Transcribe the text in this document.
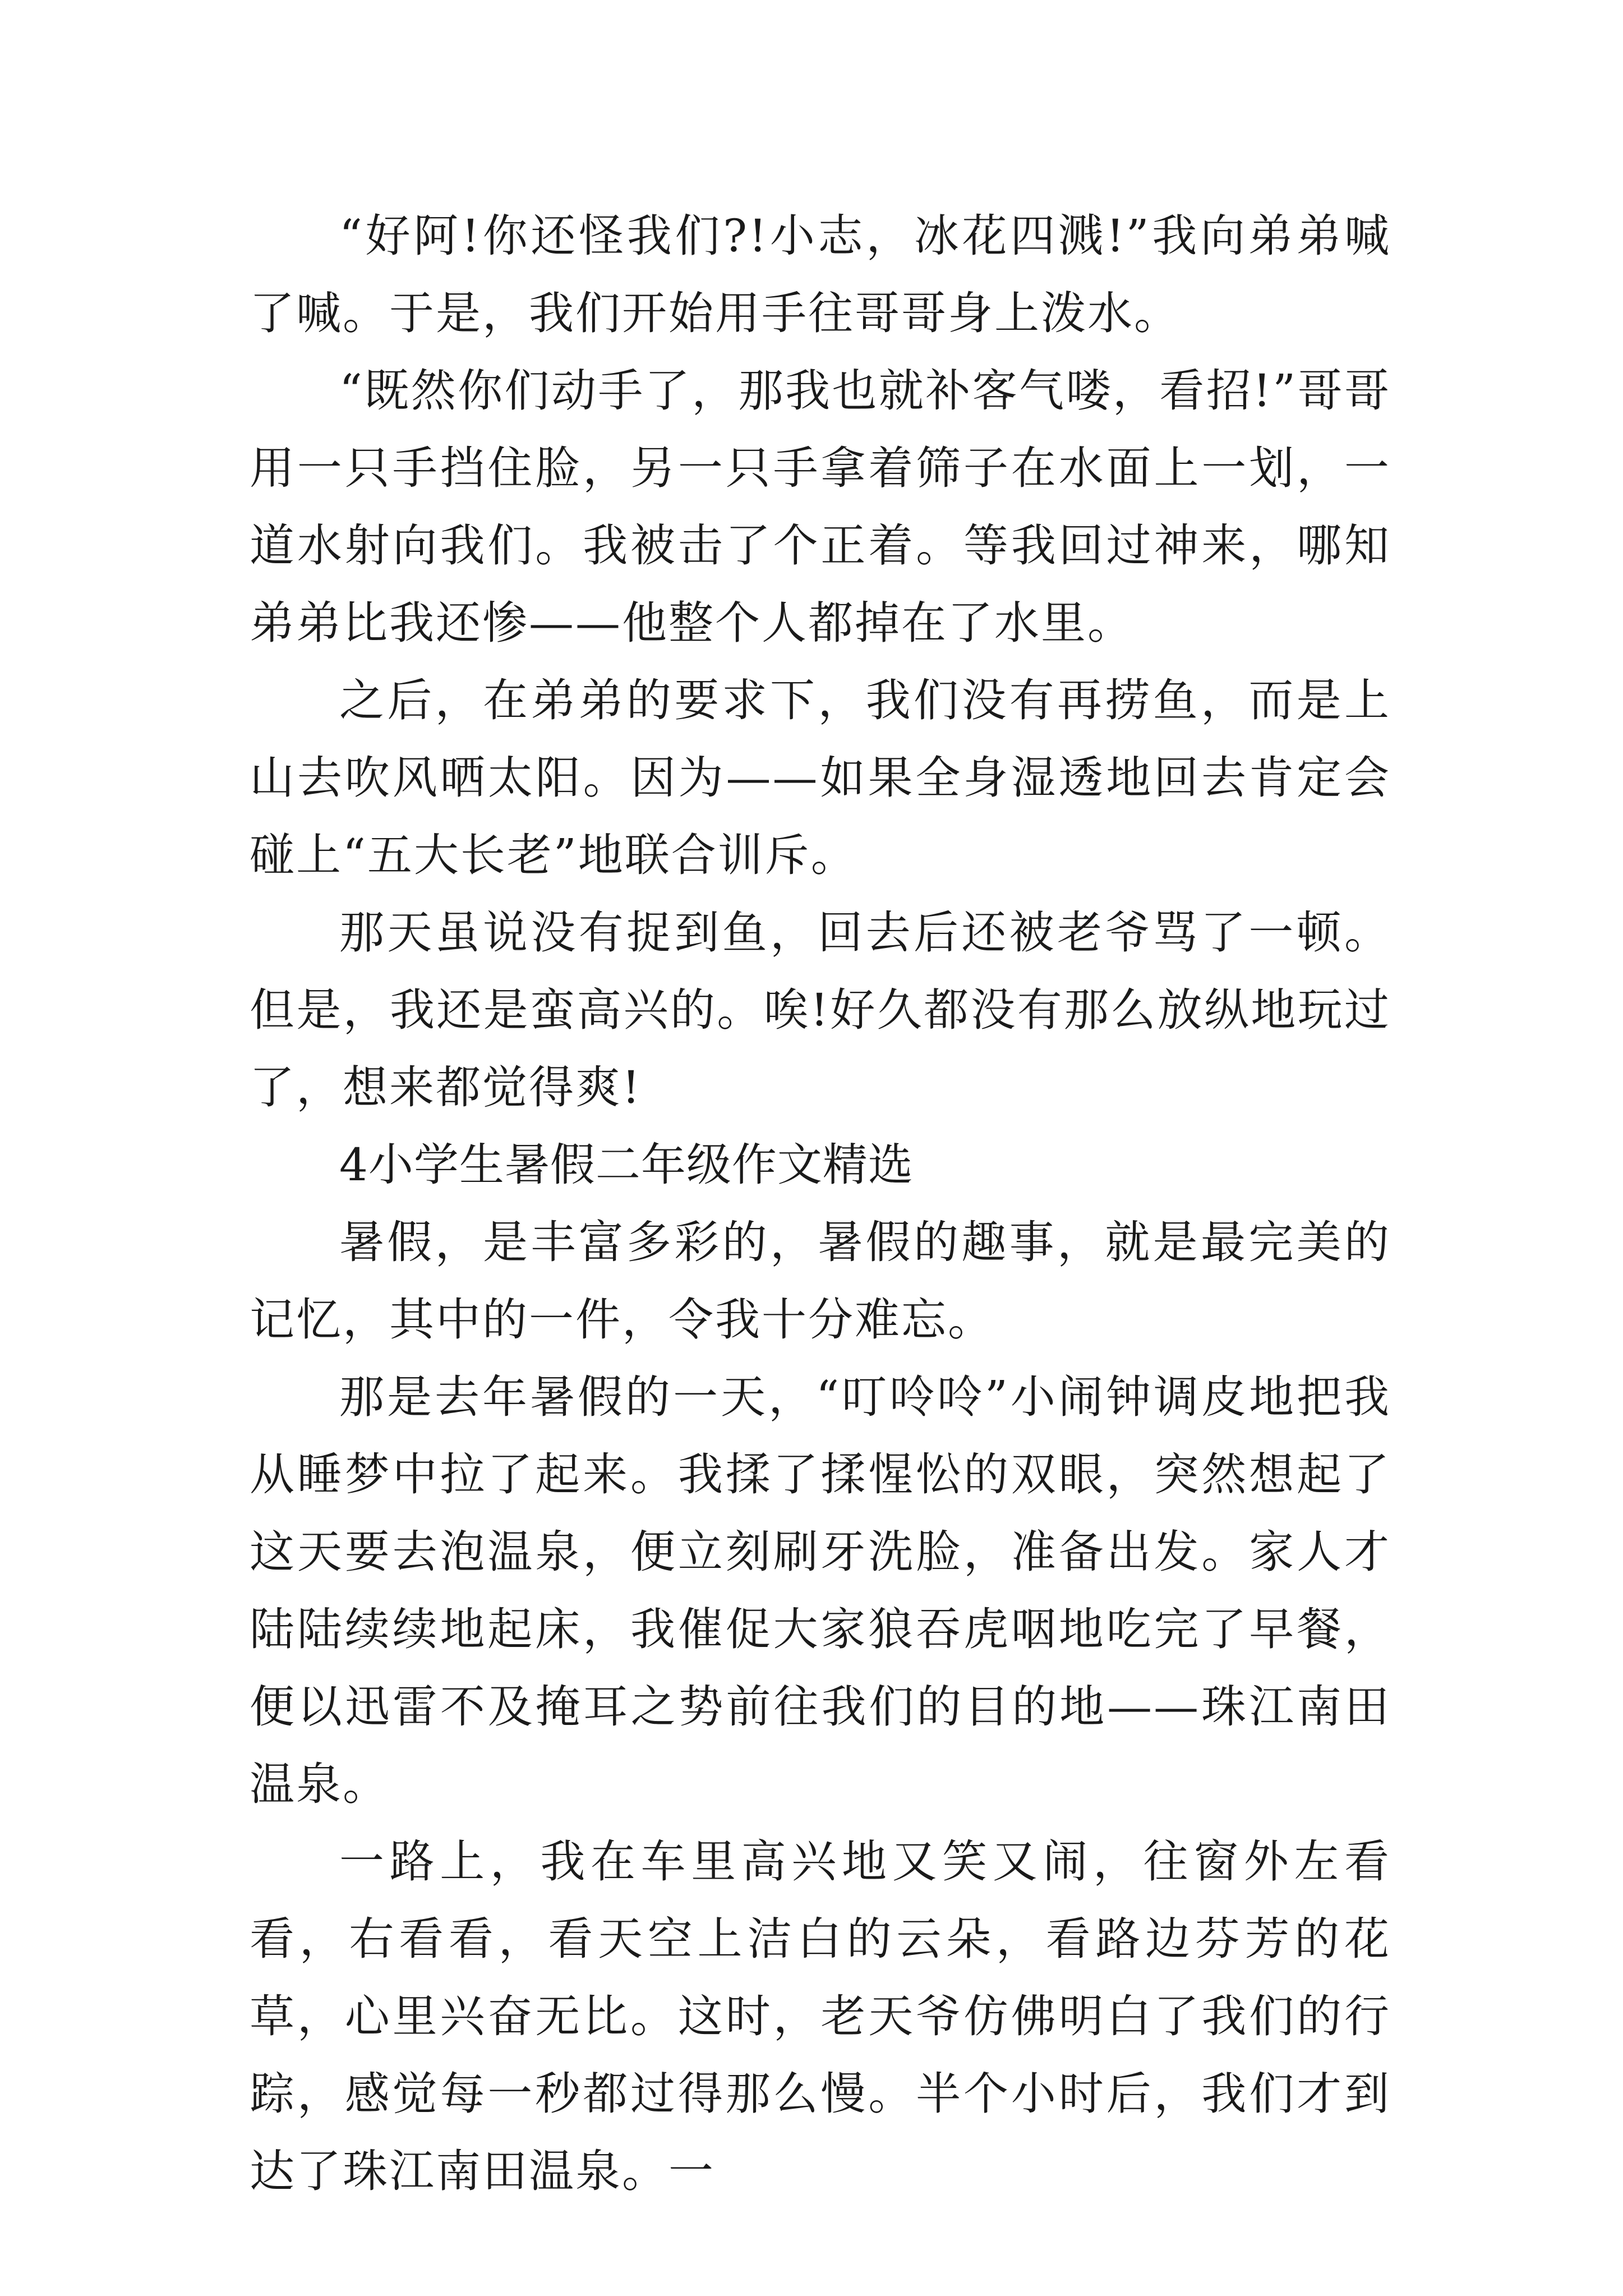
“好阿!你还怪我们?!小志，冰花四溅!”我向弟弟喊了喊。于是，我们开始用手往哥哥身上泼水。

“既然你们动手了，那我也就补客气喽，看招!”哥哥用一只手挡住脸，另一只手拿着筛子在水面上一划，一道水射向我们。我被击了个正着。等我回过神来，哪知弟弟比我还惨——他整个人都掉在了水里。

之后，在弟弟的要求下，我们没有再捞鱼，而是上山去吹风晒太阳。因为——如果全身湿透地回去肯定会碰上“五大长老”地联合训斥。

那天虽说没有捉到鱼，回去后还被老爷骂了一顿。但是，我还是蛮高兴的。唉!好久都没有那么放纵地玩过了，想来都觉得爽!

4小学生暑假二年级作文精选

暑假，是丰富多彩的，暑假的趣事，就是最完美的记忆，其中的一件，令我十分难忘。

那是去年暑假的一天，“叮呤呤”小闹钟调皮地把我从睡梦中拉了起来。我揉了揉惺忪的双眼，突然想起了这天要去泡温泉，便立刻刷牙洗脸，准备出发。家人才陆陆续续地起床，我催促大家狼吞虎咽地吃完了早餐，便以迅雷不及掩耳之势前往我们的目的地——珠江南田温泉。

一路上，我在车里高兴地又笑又闹，往窗外左看看，右看看，看天空上洁白的云朵，看路边芬芳的花草，心里兴奋无比。这时，老天爷仿佛明白了我们的行踪，感觉每一秒都过得那么慢。半个小时后，我们才到达了珠江南田温泉。一
